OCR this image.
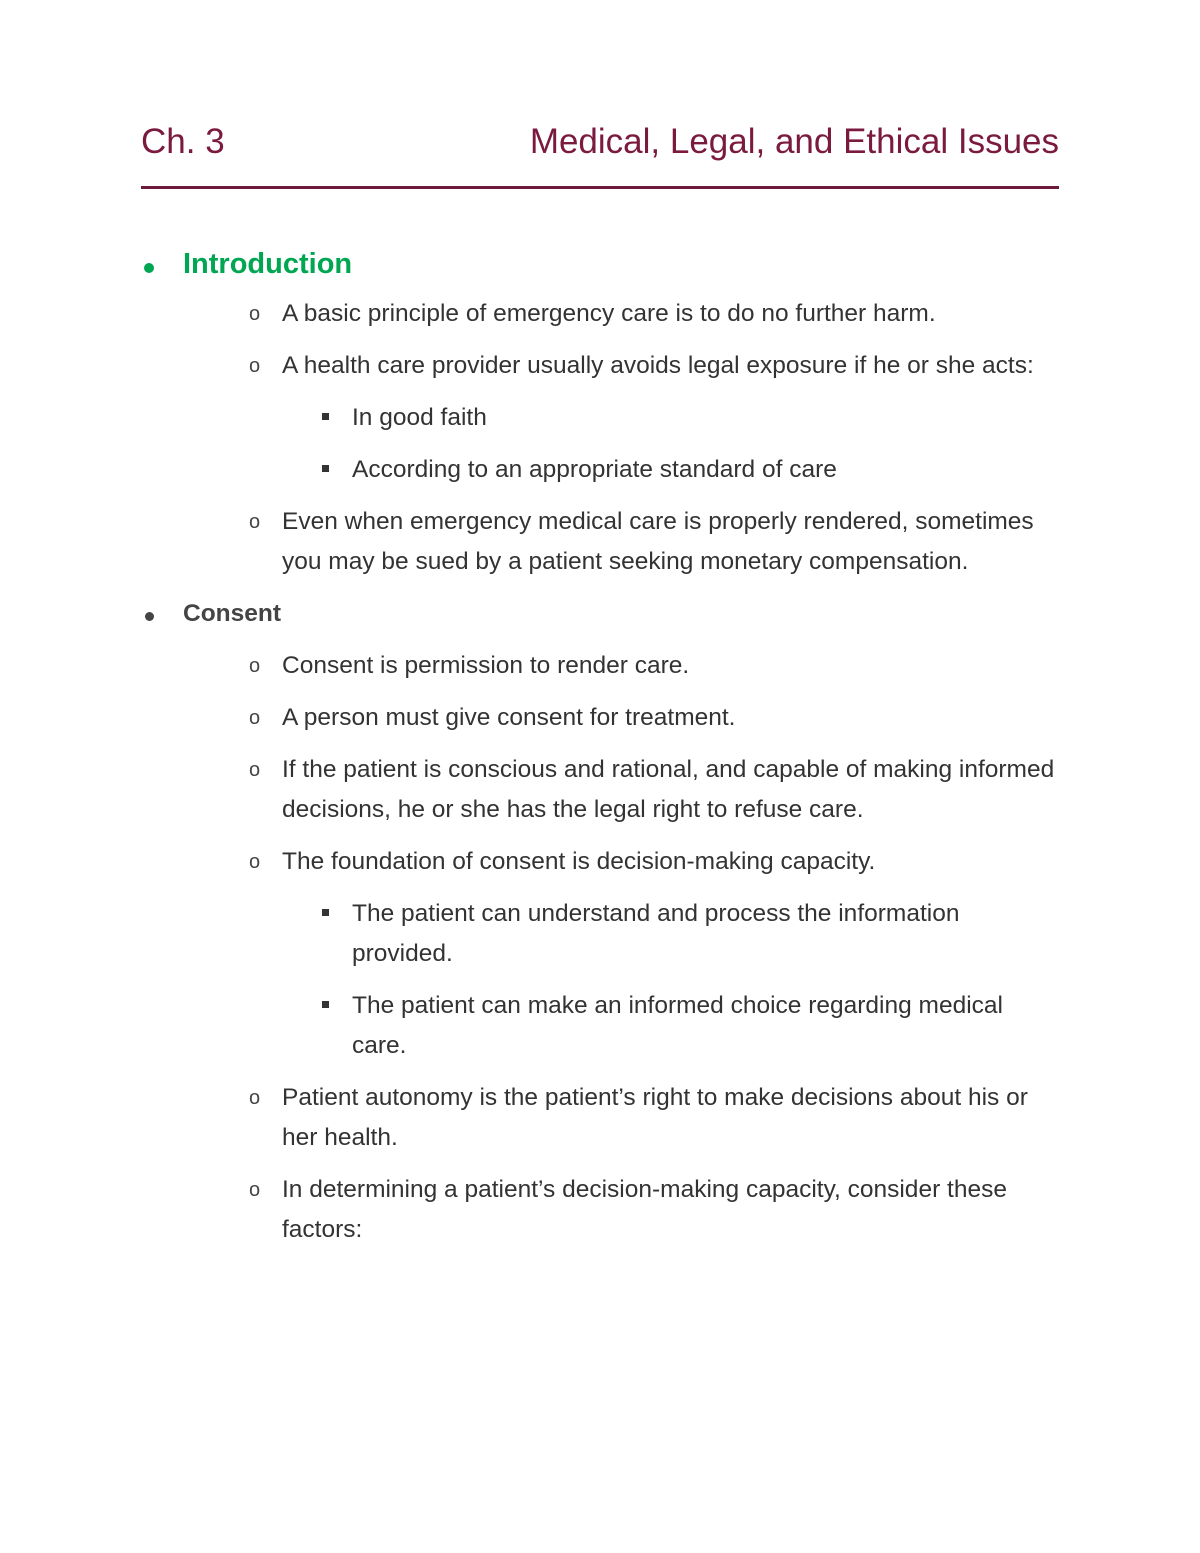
Ch. 3	Medical, Legal, and Ethical Issues
Introduction
o A basic principle of emergency care is to do no further harm.
o A health care provider usually avoids legal exposure if he or she acts:
In good faith
According to an appropriate standard of care
o Even when emergency medical care is properly rendered, sometimes you may be sued by a patient seeking monetary compensation.
Consent
o Consent is permission to render care.
o A person must give consent for treatment.
o If the patient is conscious and rational, and capable of making informed decisions, he or she has the legal right to refuse care.
o The foundation of consent is decision-making capacity.
The patient can understand and process the information provided.
The patient can make an informed choice regarding medical care.
o Patient autonomy is the patient’s right to make decisions about his or her health.
o In determining a patient’s decision-making capacity, consider these factors:
